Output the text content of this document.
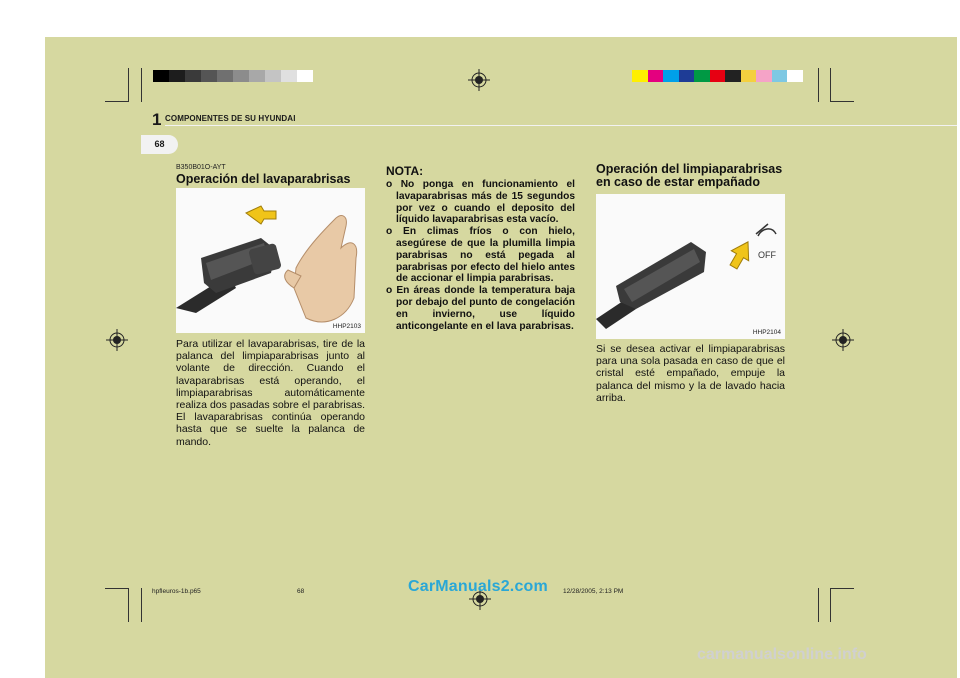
1 COMPONENTES DE SU HYUNDAI
68
B350B01O-AYT
Operación del lavaparabrisas
HHP2103
Para utilizar el lavaparabrisas, tire de la palanca del limpiaparabrisas junto al volante de dirección. Cuando el lavaparabrisas está operando, el limpiaparabrisas automáticamente realiza dos pasadas sobre el parabrisas. El lavaparabrisas continúa operando hasta que se suelte la palanca de mando.
NOTA:
o No ponga en funcionamiento el lavaparabrisas más de 15 segundos por vez o cuando el deposito del líquido lavaparabrisas esta vacío.
o En climas fríos o con hielo, asegúrese de que la plumilla limpia parabrisas no está pegada al parabrisas por efecto del hielo antes de accionar el limpia parabrisas.
o En áreas donde la temperatura baja por debajo del punto de congelación en invierno, use líquido anticongelante en el lava parabrisas.
Operación del limpiaparabrisas en caso de estar empañado
OFF
HHP2104
Si se desea activar el limpiaparabrisas para una sola pasada en caso de que el cristal esté empañado, empuje la palanca del mismo y la de lavado hacia arriba.
hpfleuros-1b.p65	68	12/28/2005, 2:13 PM
CarManuals2.com
carmanualsonline.info
